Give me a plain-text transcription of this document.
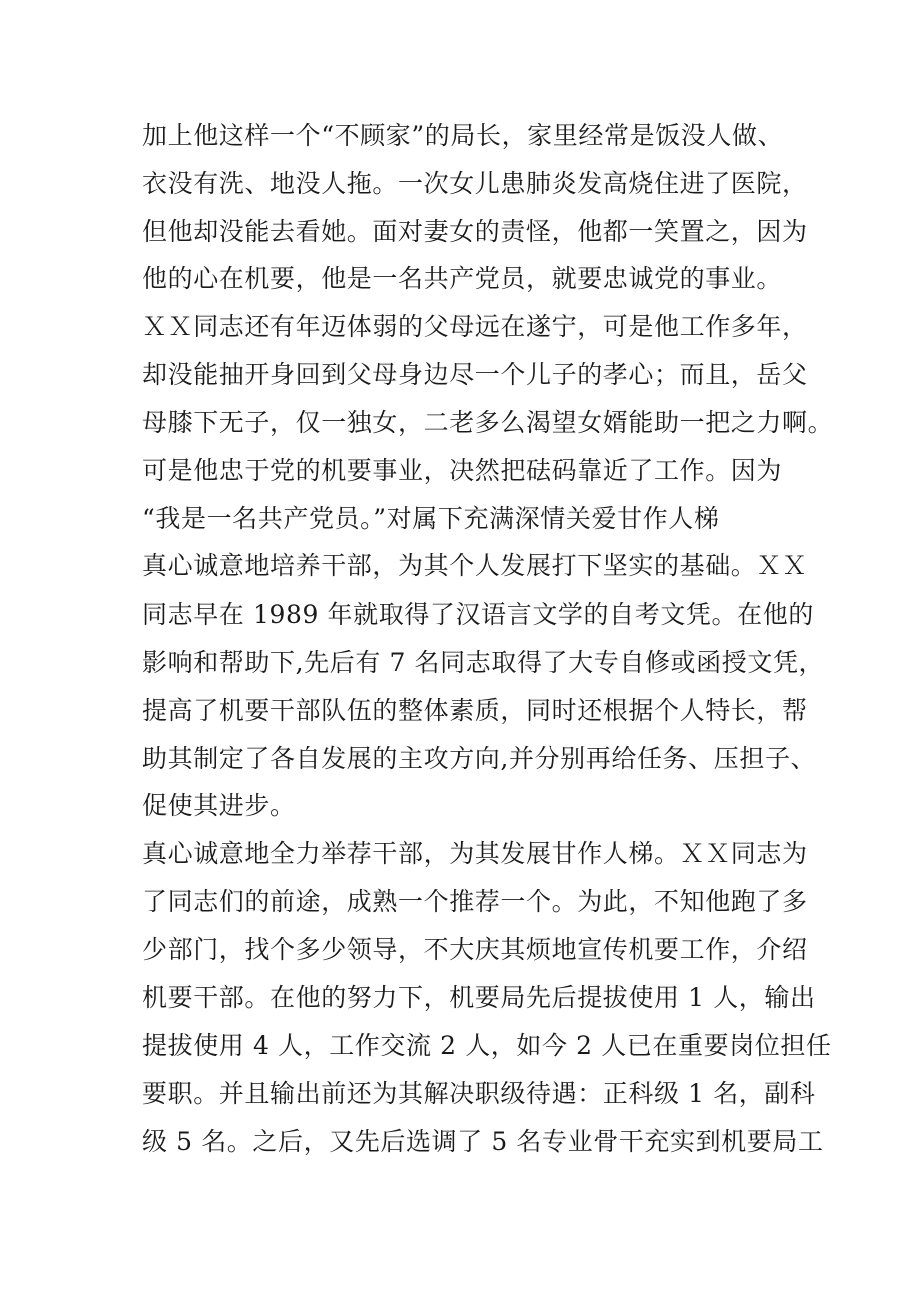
加上他这样一个“不顾家”的局长，家里经常是饭没人做、
衣没有洗、地没人拖。一次女儿患肺炎发高烧住进了医院，
但他却没能去看她。面对妻女的责怪，他都一笑置之，因为
他的心在机要，他是一名共产党员，就要忠诚党的事业。
ＸＸ同志还有年迈体弱的父母远在遂宁，可是他工作多年，
却没能抽开身回到父母身边尽一个儿子的孝心；而且，岳父
母膝下无子，仅一独女，二老多么渴望女婿能助一把之力啊。
可是他忠于党的机要事业，决然把砝码靠近了工作。因为
“我是一名共产党员。”对属下充满深情关爱甘作人梯
真心诚意地培养干部，为其个人发展打下坚实的基础。ＸＸ
同志早在 1989 年就取得了汉语言文学的自考文凭。在他的
影响和帮助下,先后有 7 名同志取得了大专自修或函授文凭，
提高了机要干部队伍的整体素质，同时还根据个人特长，帮
助其制定了各自发展的主攻方向,并分别再给任务、压担子、
促使其进步。
真心诚意地全力举荐干部，为其发展甘作人梯。ＸＸ同志为
了同志们的前途，成熟一个推荐一个。为此，不知他跑了多
少部门，找个多少领导，不大庆其烦地宣传机要工作，介绍
机要干部。在他的努力下，机要局先后提拔使用 1 人，输出
提拔使用 4 人，工作交流 2 人，如今 2 人已在重要岗位担任
要职。并且输出前还为其解决职级待遇：正科级 1 名，副科
级 5 名。之后，又先后选调了 5 名专业骨干充实到机要局工
